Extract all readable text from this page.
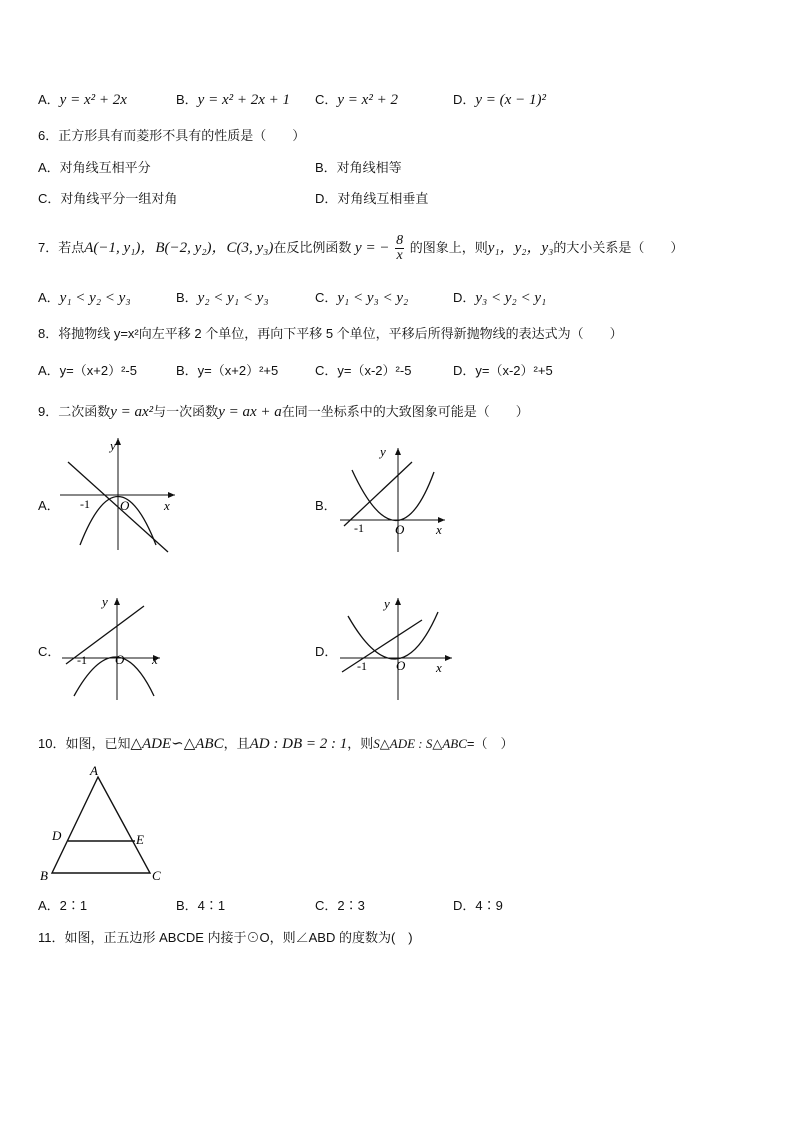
A．y = x² + 2x	B．y = x² + 2x + 1 C．y = x² + 2	D．y = (x − 1)²
6．正方形具有而菱形不具有的性质是（　　）
A．对角线互相平分	B．对角线相等
C．对角线平分一组对角	D．对角线互相垂直
7．若点A(−1, y₁)，B(−2, y₂)，C(3, y₃)在反比例函数 y = − $\frac{8}{x}$ 的图象上，则y₁，y₂，y₃的大小关系是（　　）
A．y₁ < y₂ < y₃	B．y₂ < y₁ < y₃	C．y₁ < y₃ < y₂	D．y₃ < y₂ < y₁
8．将抛物线 y=x²向左平移 2 个单位，再向下平移 5 个单位，平移后所得新抛物线的表达式为（　　）
A．y=（x+2）²-5	B．y=（x+2）²+5	C．y=（x-2）²-5	D．y=（x-2）²+5
9．二次函数y = ax²与一次函数y = ax + a在同一坐标系中的大致图象可能是（　　）
A．	B．
C．	D．
y
x
O
-1
y
x
O
-1
y
x
O
-1
y
x
O
-1
10．如图，已知△ADE∽△ABC，且AD : DB = 2 : 1，则S△ADE : S△ABC=（　）
A
D	E
B	C
A．2∶1	B．4∶1	C．2∶3	D．4∶9
11．如图，正五边形 ABCDE 内接于⊙O，则∠ABD 的度数为(　)
